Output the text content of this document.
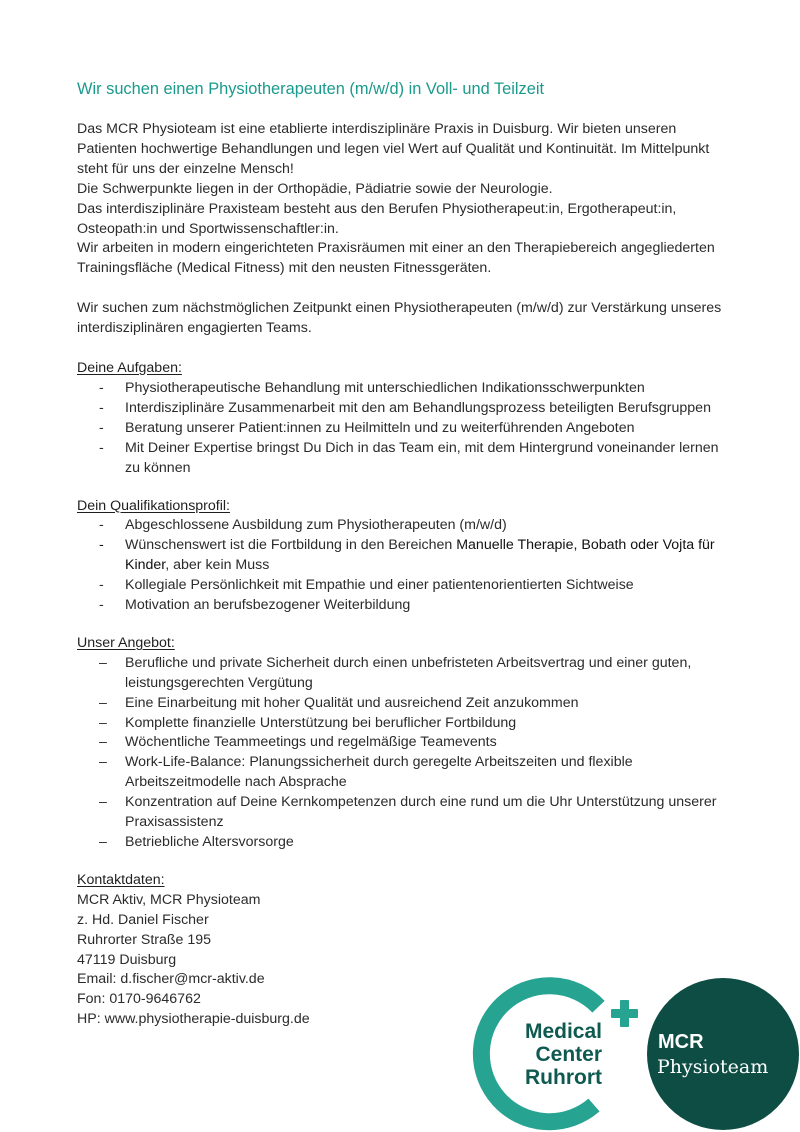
Wir suchen einen Physiotherapeuten (m/w/d) in Voll- und Teilzeit

Das MCR Physioteam ist eine etablierte interdisziplinäre Praxis in Duisburg. Wir bieten unseren Patienten hochwertige Behandlungen und legen viel Wert auf Qualität und Kontinuität. Im Mittelpunkt steht für uns der einzelne Mensch!

Die Schwerpunkte liegen in der Orthopädie, Pädiatrie sowie der Neurologie.

Das interdisziplinäre Praxisteam besteht aus den Berufen Physiotherapeut:in, Ergotherapeut:in, Osteopath:in und Sportwissenschaftler:in.

Wir arbeiten in modern eingerichteten Praxisräumen mit einer an den Therapiebereich angegliederten Trainingsfläche (Medical Fitness) mit den neusten Fitnessgeräten.

Wir suchen zum nächstmöglichen Zeitpunkt einen Physiotherapeuten (m/w/d) zur Verstärkung unseres interdisziplinären engagierten Teams.

Deine Aufgaben:

-	Physiotherapeutische Behandlung mit unterschiedlichen Indikationsschwerpunkten
-	Interdisziplinäre Zusammenarbeit mit den am Behandlungsprozess beteiligten Berufsgruppen
-	Beratung unserer Patient:innen zu Heilmitteln und zu weiterführenden Angeboten
-	Mit Deiner Expertise bringst Du Dich in das Team ein, mit dem Hintergrund voneinander lernen zu können

Dein Qualifikationsprofil:

-	Abgeschlossene Ausbildung zum Physiotherapeuten (m/w/d)
-	Wünschenswert ist die Fortbildung in den Bereichen Manuelle Therapie, Bobath oder Vojta für Kinder, aber kein Muss
-	Kollegiale Persönlichkeit mit Empathie und einer patientenorientierten Sichtweise
-	Motivation an berufsbezogener Weiterbildung

Unser Angebot:

–	Berufliche und private Sicherheit durch einen unbefristeten Arbeitsvertrag und einer guten, leistungsgerechten Vergütung
–	Eine Einarbeitung mit hoher Qualität und ausreichend Zeit anzukommen
–	Komplette finanzielle Unterstützung bei beruflicher Fortbildung
–	Wöchentliche Teammeetings und regelmäßige Teamevents
–	Work-Life-Balance: Planungssicherheit durch geregelte Arbeitszeiten und flexible Arbeitszeitmodelle nach Absprache
–	Konzentration auf Deine Kernkompetenzen durch eine rund um die Uhr Unterstützung unserer Praxisassistenz
–	Betriebliche Altersvorsorge

Kontaktdaten:

MCR Aktiv, MCR Physioteam

z. Hd. Daniel Fischer

Ruhrorter Straße 195

47119 Duisburg

Email: d.fischer@mcr-aktiv.de

Fon: 0170-9646762

HP: www.physiotherapie-duisburg.de

Medical
Center
Ruhrort
MCR
Physioteam
